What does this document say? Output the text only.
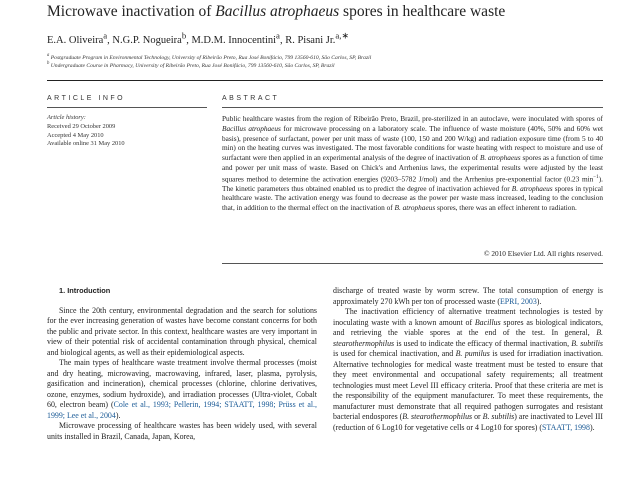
Microwave inactivation of Bacillus atrophaeus spores in healthcare waste
E.A. Oliveira$^a$, N.G.P. Nogueira$^b$, M.D.M. Innocentini$^a$, R. Pisani Jr.$^{a,∗}$
$^a$ Postgraduate Program in Environmental Technology, University of Ribeirão Preto, Rua José Bonifácio, 799 13560-610, São Carlos, SP, Brazil
$^b$ Undergraduate Course in Pharmacy, University of Ribeirão Preto, Rua José Bonifácio, 799 13560-610, São Carlos, SP, Brazil
ARTICLE INFO	ABSTRACT
Article history:
Received 29 October 2009
Accepted 4 May 2010
Available online 31 May 2010

Public healthcare wastes from the region of Ribeirão Preto, Brazil, pre-sterilized in an autoclave, were inoculated with spores of Bacillus atrophaeus for microwave processing on a laboratory scale. The influence of waste moisture (40%, 50% and 60% wet basis), presence of surfactant, power per unit mass of waste (100, 150 and 200 W/kg) and radiation exposure time (from 5 to 40 min) on the heating curves was investigated. The most favorable conditions for waste heating with respect to moisture and use of surfactant were then applied in an experimental analysis of the degree of inactivation of B. atrophaeus spores as a function of time and power per unit mass of waste. Based on Chick's and Arrhenius laws, the experimental results were adjusted by the least squares method to determine the activation energies (9203–5782 J/mol) and the Arrhenius pre-exponential factor (0.23 $\min^{-1}$). The kinetic parameters thus obtained enabled us to predict the degree of inactivation achieved for B. atrophaeus spores in typical healthcare waste. The activation energy was found to decrease as the power per waste mass increased, leading to the conclusion that, in addition to the thermal effect on the inactivation of B. atrophaeus spores, there was an effect inherent to radiation.

© 2010 Elsevier Ltd. All rights reserved.

1. Introduction

Since the 20th century, environmental degradation and the search for solutions for the ever increasing generation of wastes have become constant concerns for both the public and private sector. In this context, healthcare wastes are very important in view of their potential risk of accidental contamination through physical, chemical and biological agents, as well as their epidemiological aspects.

The main types of healthcare waste treatment involve thermal processes (moist and dry heating, microwaving, macrowaving, infrared, laser, plasma, pyrolysis, gasification and incineration), chemical processes (chlorine, chlorine derivatives, ozone, enzymes, sodium hydroxide), and irradiation processes (Ultra-violet, Cobalt 60, electron beam) (Cole et al., 1993; Pellerin, 1994; STAATT, 1998; Prüss et al., 1999; Lee et al., 2004).

Microwave processing of healthcare wastes has been widely used, with several units installed in Brazil, Canada, Japan, Korea,

discharge of treated waste by worm screw. The total consumption of energy is approximately 270 kWh per ton of processed waste (EPRI, 2003).

The inactivation efficiency of alternative treatment technologies is tested by inoculating waste with a known amount of Bacillus spores as biological indicators, and retrieving the viable spores at the end of the test. In general, B. stearothermophilus is used to indicate the efficacy of thermal inactivation, B. subtilis is used for chemical inactivation, and B. pumilus is used for irradiation inactivation. Alternative technologies for medical waste treatment must be tested to ensure that they meet environmental and occupational safety requirements; all treatment technologies must meet Level III efficacy criteria. Proof that these criteria are met is the responsibility of the equipment manufacturer. To meet these requirements, the manufacturer must demonstrate that all required pathogen surrogates and resistant bacterial endospores (B. stearothermophilus or B. subtilis) are inactivated to Level III (reduction of 6 Log10 for vegetative cells or 4 Log10 for spores) (STAATT, 1998).
